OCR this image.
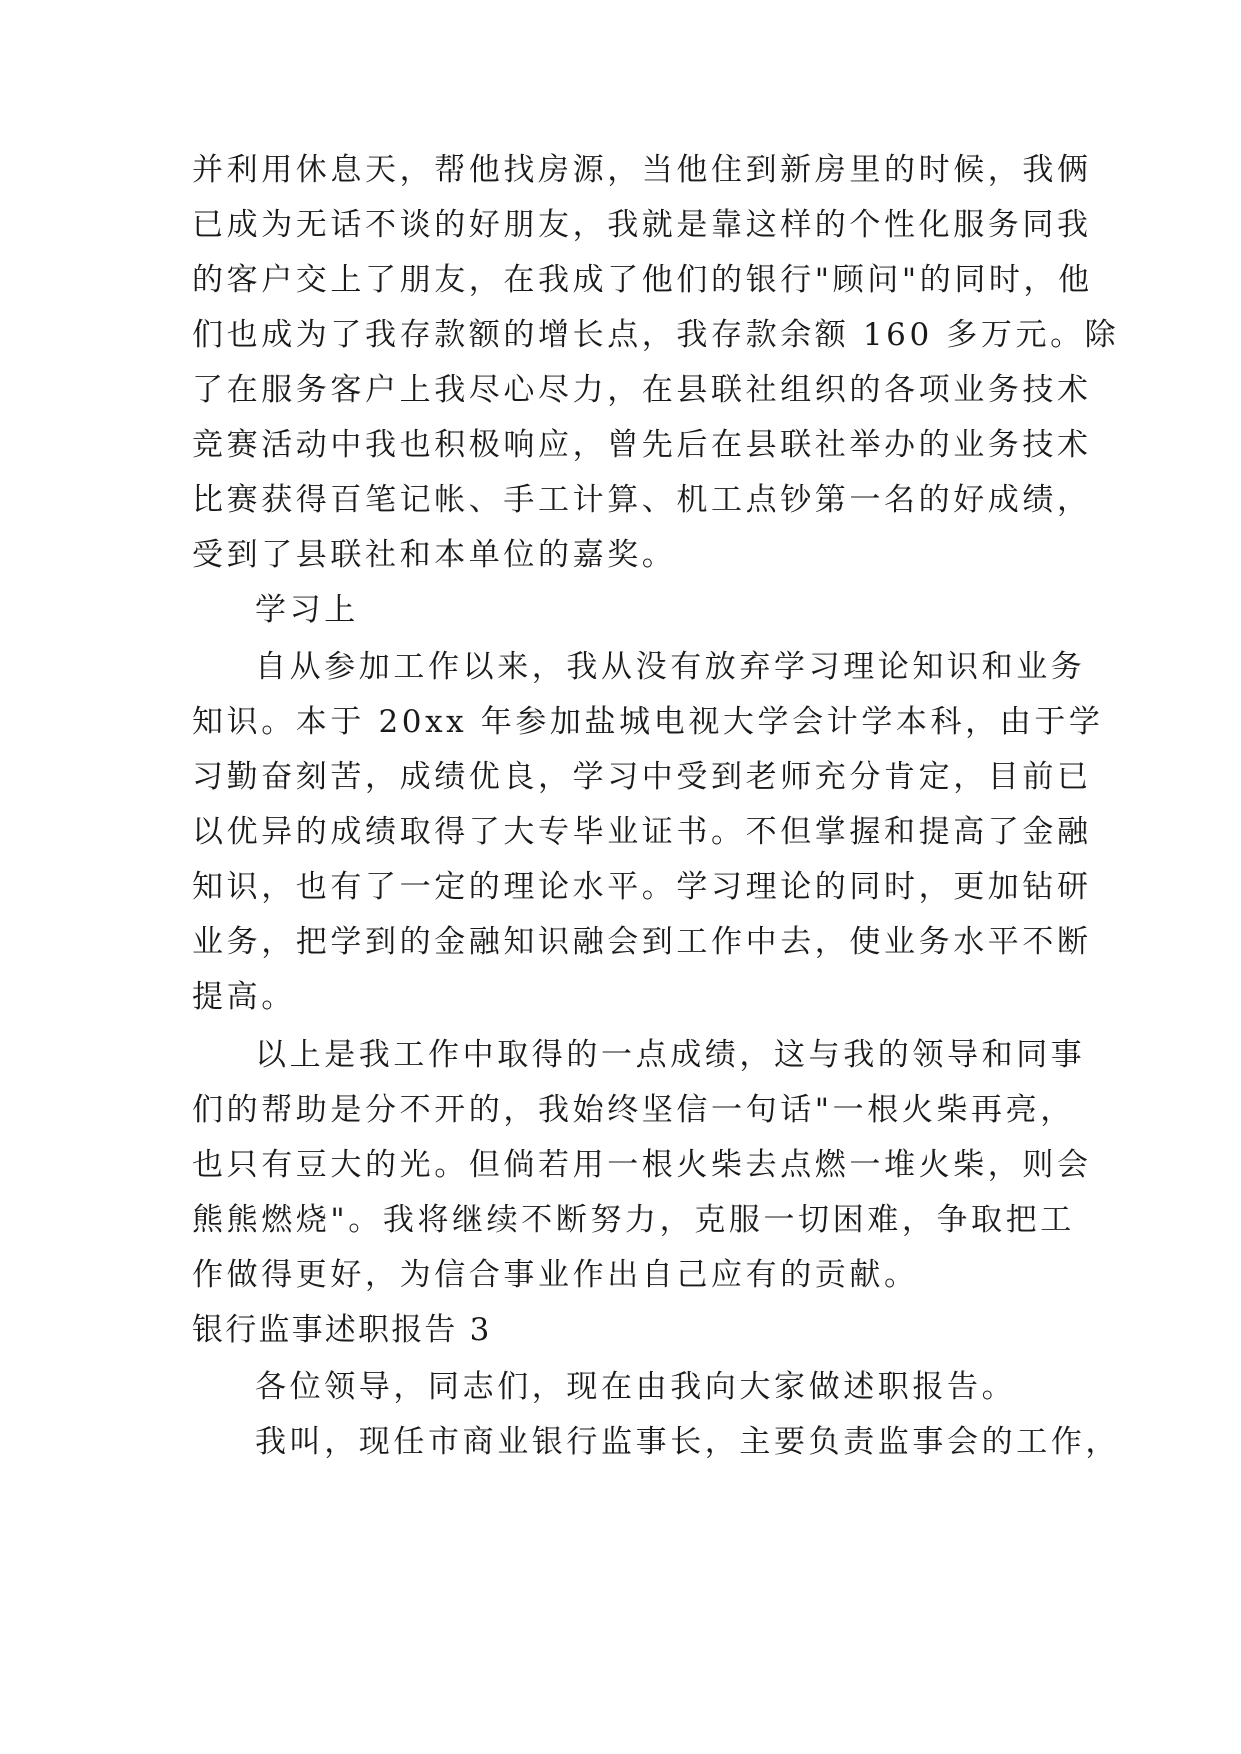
并利用休息天，帮他找房源，当他住到新房里的时候，我俩
已成为无话不谈的好朋友，我就是靠这样的个性化服务同我
的客户交上了朋友，在我成了他们的银行"顾问"的同时，他
们也成为了我存款额的增长点，我存款余额 160 多万元。除
了在服务客户上我尽心尽力，在县联社组织的各项业务技术
竞赛活动中我也积极响应，曾先后在县联社举办的业务技术
比赛获得百笔记帐、手工计算、机工点钞第一名的好成绩，
受到了县联社和本单位的嘉奖。
学习上
自从参加工作以来，我从没有放弃学习理论知识和业务
知识。本于 20xx 年参加盐城电视大学会计学本科，由于学
习勤奋刻苦，成绩优良，学习中受到老师充分肯定，目前已
以优异的成绩取得了大专毕业证书。不但掌握和提高了金融
知识，也有了一定的理论水平。学习理论的同时，更加钻研
业务，把学到的金融知识融会到工作中去，使业务水平不断
提高。
以上是我工作中取得的一点成绩，这与我的领导和同事
们的帮助是分不开的，我始终坚信一句话"一根火柴再亮，
也只有豆大的光。但倘若用一根火柴去点燃一堆火柴，则会
熊熊燃烧"。我将继续不断努力，克服一切困难，争取把工
作做得更好，为信合事业作出自己应有的贡献。
银行监事述职报告 3
各位领导，同志们，现在由我向大家做述职报告。
我叫，现任市商业银行监事长，主要负责监事会的工作，
